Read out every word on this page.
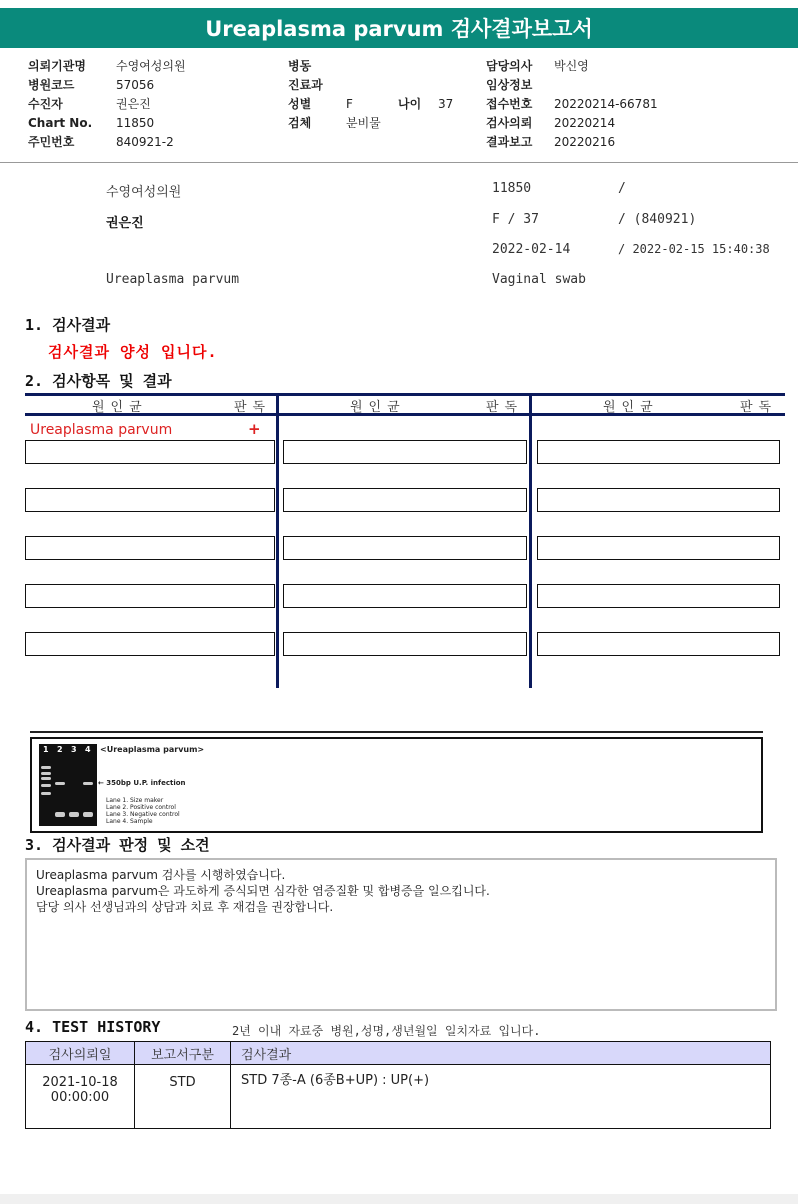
Ureaplasma parvum 검사결과보고서
의뢰기관명	수영여성의원
병원코드	57056
수진자	권은진
Chart No.	11850
주민번호	840921-2
병동
진료과
성별	F	나이	37
검체	분비물
담당의사	박신영
임상정보
접수번호	20220214-66781
검사의뢰	20220214
결과보고	20220216
수영여성의원	11850	/
권은진	F / 37	/ (840921)
2022-02-14	/ 2022-02-15 15:40:38
Ureaplasma parvum	Vaginal swab
1. 검사결과
검사결과 양성 입니다.
2. 검사항목 및 결과
원인균	판독	원인균	판독	원인균	판독
Ureaplasma parvum	+
1 2 3 4 <Ureaplasma parvum>
← 350bp U.P. infection
Lane 1. Size maker
Lane 2. Positive control
Lane 3. Negative control
Lane 4. Sample
3. 검사결과 판정 및 소견
Ureaplasma parvum 검사를 시행하였습니다.
Ureaplasma parvum은 과도하게 증식되면 심각한 염증질환 및 합병증을 일으킵니다.
담당 의사 선생님과의 상담과 치료 후 재검을 권장합니다.
4. TEST HISTORY	2년 이내 자료중 병원,성명,생년월일 일치자료 입니다.
검사의뢰일	보고서구분	검사결과

2021-10-18
00:00:00	STD	STD 7종-A (6종B+UP) : UP(+)
